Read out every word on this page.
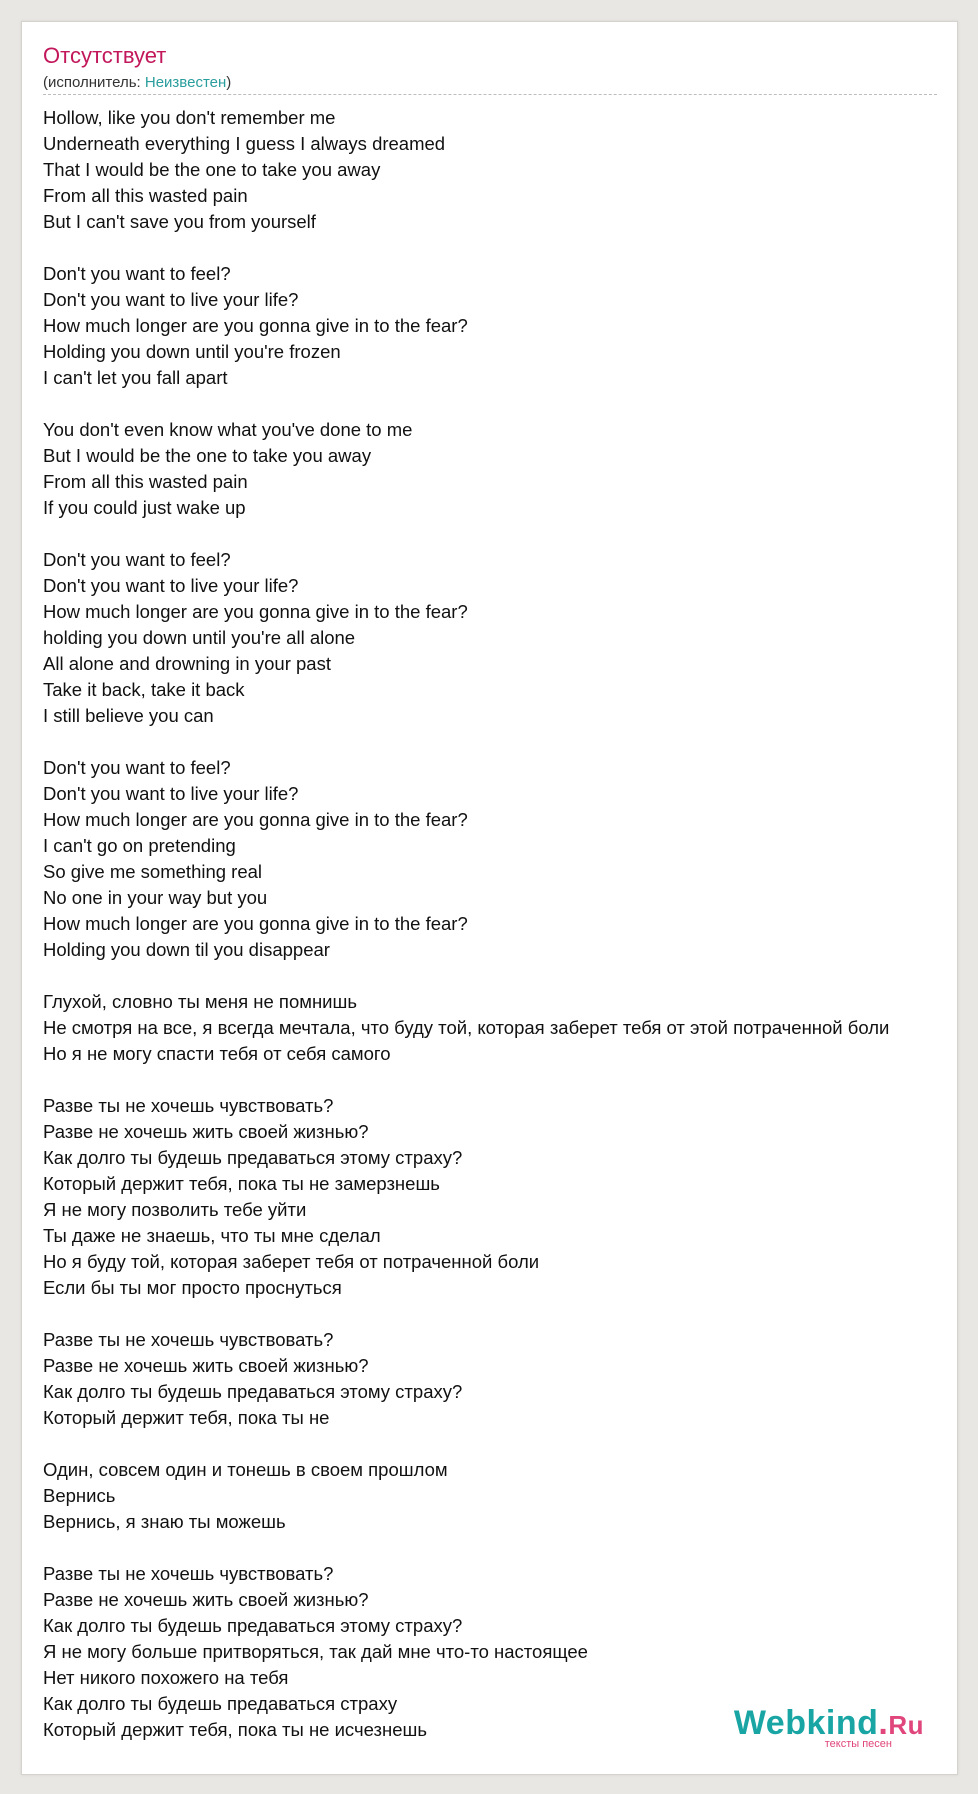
Отсутствует
(исполнитель: Неизвестен)
Hollow, like you don't remember me
Underneath everything I guess I always dreamed
That I would be the one to take you away
From all this wasted pain
But I can't save you from yourself
Don't you want to feel?
Don't you want to live your life?
How much longer are you gonna give in to the fear?
Holding you down until you're frozen
I can't let you fall apart
You don't even know what you've done to me
But I would be the one to take you away
From all this wasted pain
If you could just wake up
Don't you want to feel?
Don't you want to live your life?
How much longer are you gonna give in to the fear?
holding you down until you're all alone
All alone and drowning in your past
Take it back, take it back
I still believe you can
Don't you want to feel?
Don't you want to live your life?
How much longer are you gonna give in to the fear?
I can't go on pretending
So give me something real
No one in your way but you
How much longer are you gonna give in to the fear?
Holding you down til you disappear
Глухой, словно ты меня не помнишь
Не смотря на все, я всегда мечтала, что буду той, которая заберет тебя от этой потраченной боли
Но я не могу спасти тебя от себя самого
Разве ты не хочешь чувствовать?
Разве не хочешь жить своей жизнью?
Как долго ты будешь предаваться этому страху?
Который держит тебя, пока ты не замерзнешь
Я не могу позволить тебе уйти
Ты даже не знаешь, что ты мне сделал
Но я буду той, которая заберет тебя от потраченной боли
Если бы ты мог просто проснуться
Разве ты не хочешь чувствовать?
Разве не хочешь жить своей жизнью?
Как долго ты будешь предаваться этому страху?
Который держит тебя, пока ты не
Один, совсем один и тонешь в своем прошлом
Вернись
Вернись, я знаю ты можешь
Разве ты не хочешь чувствовать?
Разве не хочешь жить своей жизнью?
Как долго ты будешь предаваться этому страху?
Я не могу больше притворяться, так дай мне что-то настоящее
Нет никого похожего на тебя
Как долго ты будешь предаваться страху
Который держит тебя, пока ты не исчезнешь	Webkind.Ru
тексты песен
